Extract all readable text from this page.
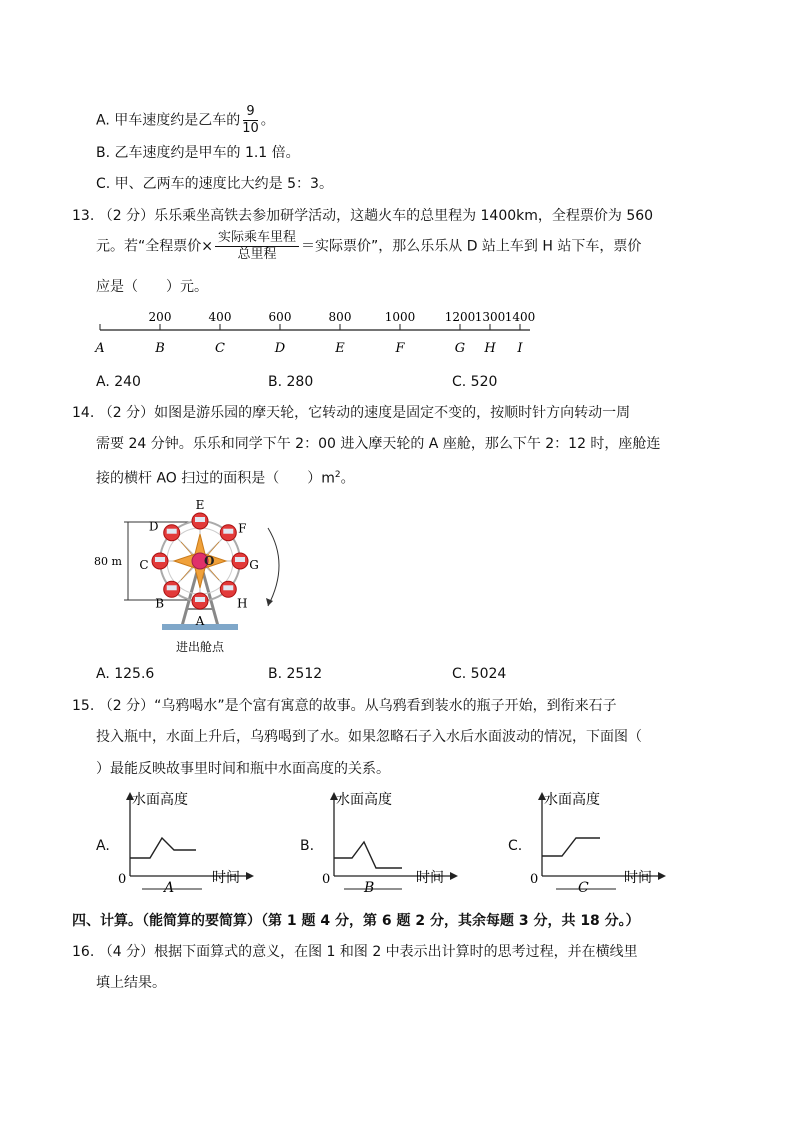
A. 甲车速度约是乙车的 $\frac{9}{10}$ 。
B. 乙车速度约是甲车的 1.1 倍。
C. 甲、乙两车的速度比大约是 5：3。
13. （2 分）乐乐乘坐高铁去参加研学活动，这趟火车的总里程为 1400km，全程票价为 560
元。若“全程票价× $\frac{\text{实际乘车里程}}{\text{总里程}}$ ＝实际票价”，那么乐乐从 D 站上车到 H 站下车，票价
应是（　　）元。
A	B	C	D	E	F	G H I
200	400	600	800	1000 1200 1300 1400
A. 240	B. 280	C. 520
14. （2 分）如图是游乐园的摩天轮，它转动的速度是固定不变的，按顺时针方向转动一周
需要 24 分钟。乐乐和同学下午 2：00 进入摩天轮的 A 座舱，那么下午 2：12 时，座舱连
接的横杆 AO 扫过的面积是（　　）$m^2$。
80 m
进出舱点
O
A
B
C
D
E
F
G
H
A. 125.6	B. 2512	C. 5024
15. （2 分）“乌鸦喝水”是个富有寓意的故事。从乌鸦看到装水的瓶子开始，到衔来石子
投入瓶中，水面上升后，乌鸦喝到了水。如果忽略石子入水后水面波动的情况，下面图（
）最能反映故事里时间和瓶中水面高度的关系。
A.
水面高度
时间
0
A
B.
水面高度
时间
0
B
C.
水面高度
时间
0
C
四、计算。（能简算的要简算）（第 1 题 4 分，第 6 题 2 分，其余每题 3 分，共 18 分。）
16. （4 分）根据下面算式的意义，在图 1 和图 2 中表示出计算时的思考过程，并在横线里
填上结果。
